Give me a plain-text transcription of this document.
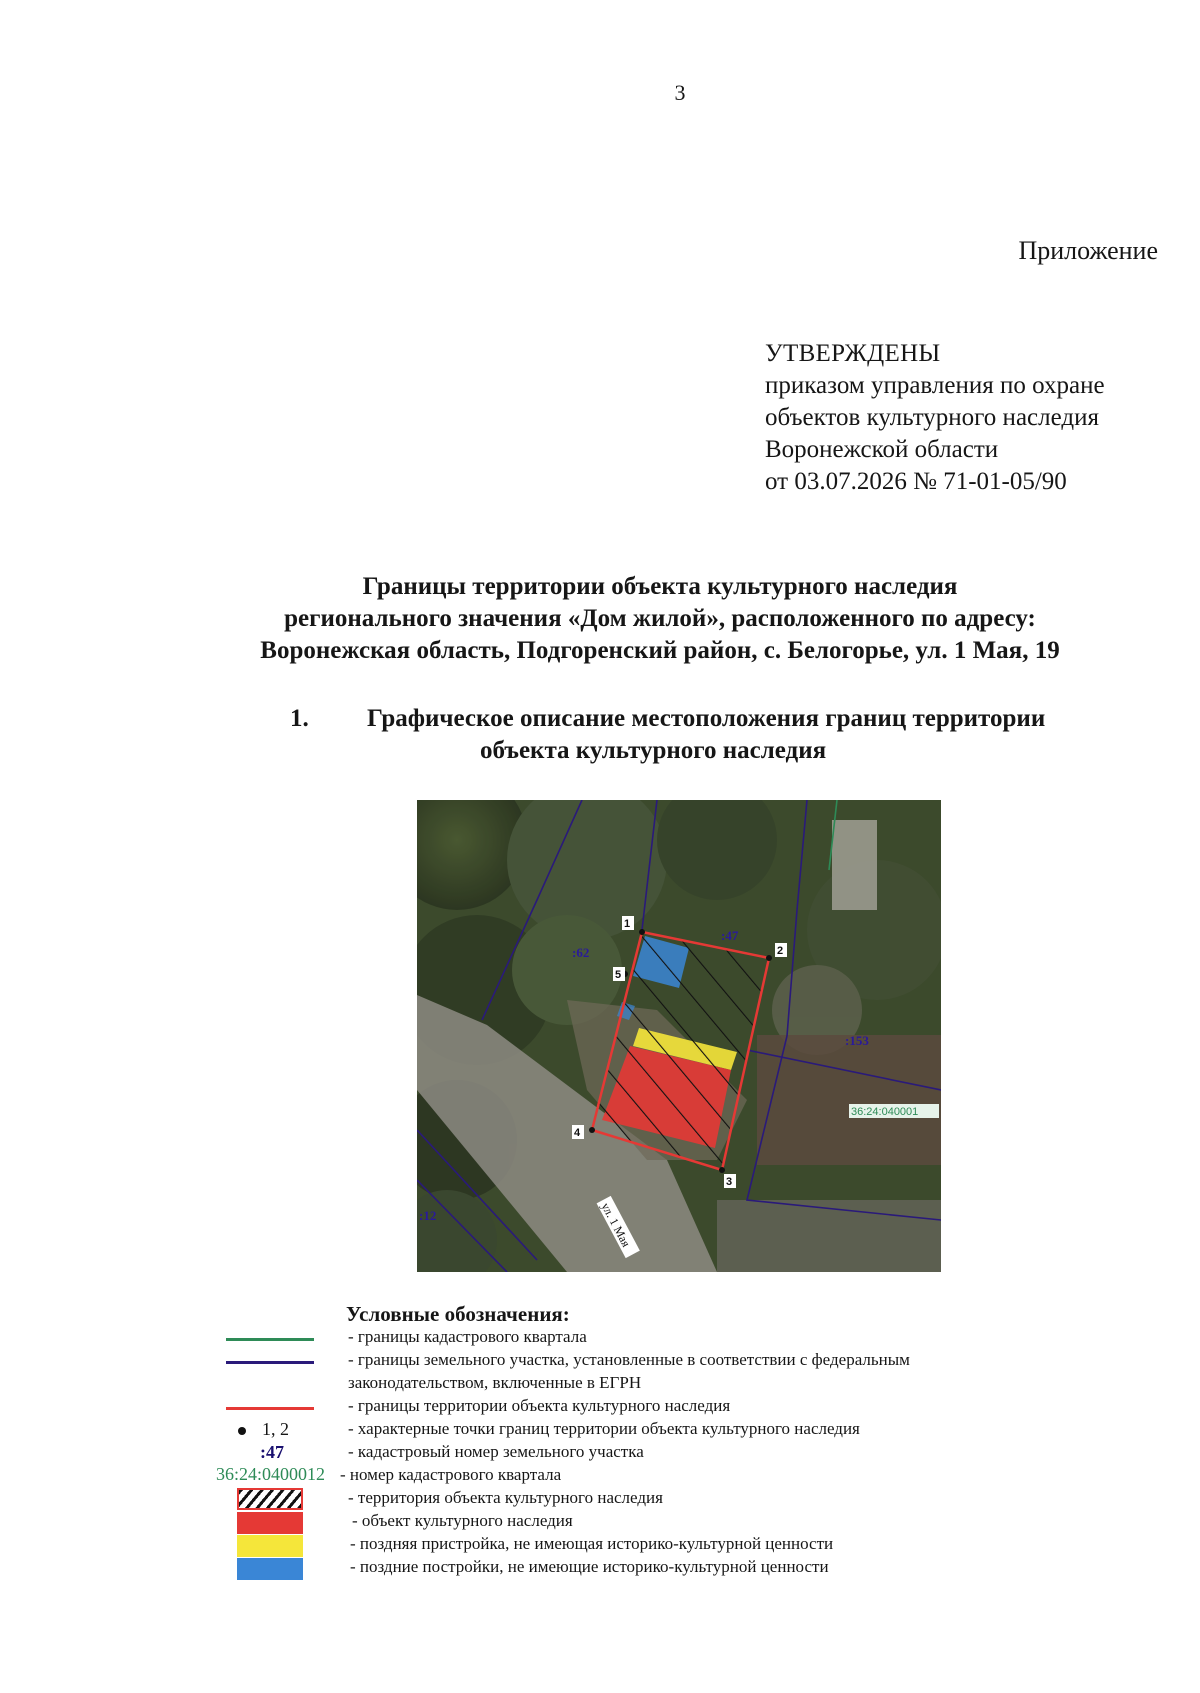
3
Приложение
УТВЕРЖДЕНЫ
приказом управления по охране
объектов культурного наследия
Воронежской области
от 03.07.2026 № 71-01-05/90
Границы территории объекта культурного наследия
регионального значения «Дом жилой», расположенного по адресу:
Воронежская область, Подгоренский район, с. Белогорье, ул. 1 Мая, 19
1. Графическое описание местоположения границ территории
объекта культурного наследия
1
2
3
4
5
:62
:47
:153
:12
36:24:040001
ул. 1 Мая
Условные обозначения:
- границы кадастрового квартала
- границы земельного участка, установленные в соответствии с федеральным
законодательством, включенные в ЕГРН
- границы территории объекта культурного наследия
1, 2	- характерные точки границ территории объекта культурного наследия
:47	- кадастровый номер земельного участка
36:24:0400012 - номер кадастрового квартала
- территория объекта культурного наследия
- объект культурного наследия
- поздняя пристройка, не имеющая историко-культурной ценности
- поздние постройки, не имеющие историко-культурной ценности
